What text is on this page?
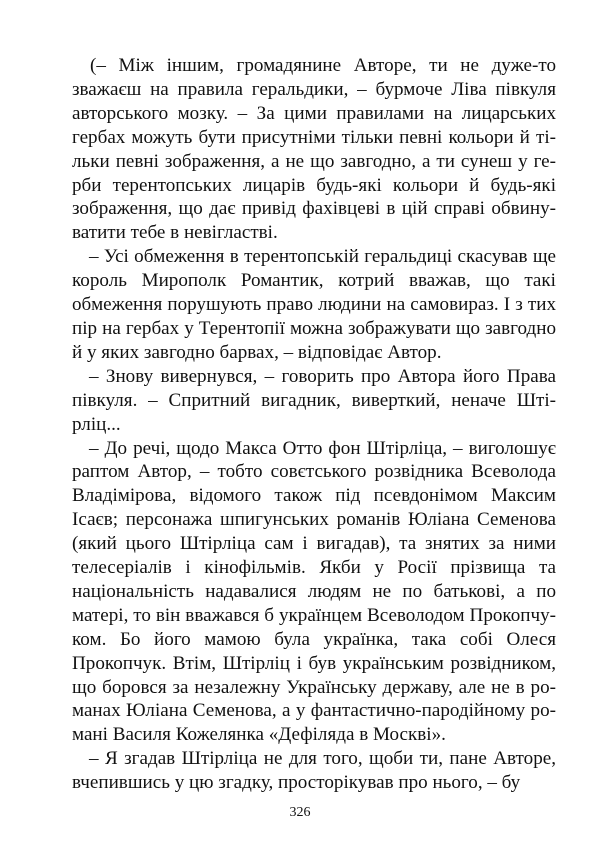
(– Між іншим, громадянине Авторе, ти не дуже-то зважаєш на правила геральдики, – бурмоче Ліва півкуля авторського мозку. – За цими правилами на лицарських гербах можуть бути присутніми тільки певні кольори й тільки певні зображення, а не що завгодно, а ти сунеш у герби терентопських лицарів будь-які кольори й будь-які зображення, що дає привід фахівцеві в цій справі обвинуватити тебе в невігластві.

– Усі обмеження в терентопській геральдиці скасував ще король Мирополк Романтик, котрий вважав, що такі обмеження порушують право людини на самовираз. І з тих пір на гербах у Терентопії можна зображувати що завгодно й у яких завгодно барвах, – відповідає Автор.

– Знову вивернувся, – говорить про Автора його Права півкуля. – Спритний вигадник, виверткий, неначе Штірліц...

– До речі, щодо Макса Отто фон Штірліца, – виголошує раптом Автор, – тобто совєтського розвідника Всеволода Владімірова, відомого також під псевдонімом Максим Ісаєв; персонажа шпигунських романів Юліана Семенова (який цього Штірліца сам і вигадав), та знятих за ними телесеріалів і кінофільмів. Якби у Росії прізвища та національність надавалися людям не по батькові, а по матері, то він вважався б українцем Всеволодом Прокопчуком. Бо його мамою була українка, така собі Олеся Прокопчук. Втім, Штірліц і був українським розвідником, що боровся за незалежну Українську державу, але не в романах Юліана Семенова, а у фантастично-пародійному романі Василя Кожелянка «Дефіляда в Москві».

– Я згадав Штірліца не для того, щоби ти, пане Авторе, вчепившись у цю згадку, просторікував про нього, – бу

326
